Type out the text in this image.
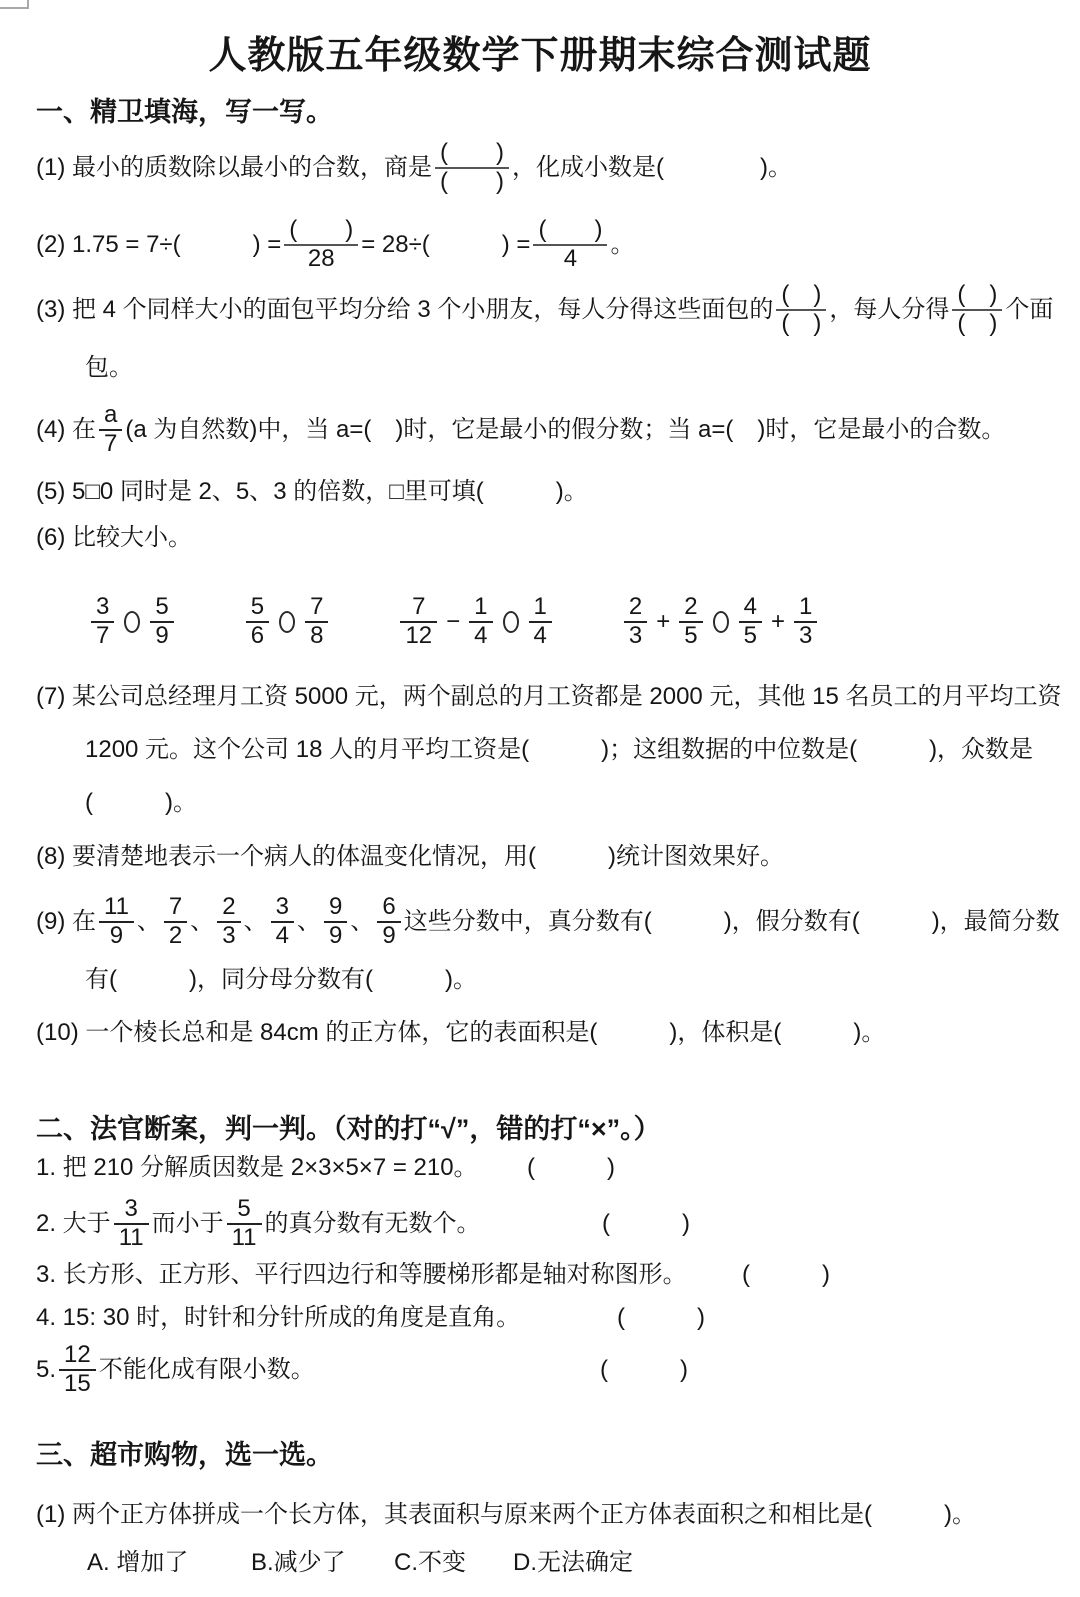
人教版五年级数学下册期末综合测试题
一、精卫填海，写一写。
(1) 最小的质数除以最小的合数，商是 $\frac{( )}{( )}$ ，化成小数是(　　　　)。
(2) 1.75 = 7÷(　　　) = $\frac{( )}{28} = 28\div$(　　　) = $\frac{( )}{4}$ 。
(3) 把 4 个同样大小的面包平均分给 3 个小朋友，每人分得这些面包的 $\frac{( )}{( )}$ ，每人分得 $\frac{( )}{( )}$ 个面
包。
(4) 在 $\frac{a}{7} (a$ 为自然数)中，当 a=(　)时，它是最小的假分数；当 a=(　)时，它是最小的合数。
(5) 5□0 同时是 2、5、3 的倍数，□里可填(　　　)。
(6) 比较大小。
$\frac{3}{7} \frac{5}{9}$	$\frac{5}{6} \frac{7}{8}$	$\frac{7}{12} - \frac{1}{4} \frac{1}{4}$	$\frac{2}{3} + \frac{2}{5} \frac{4}{5} + \frac{1}{3}$
(7) 某公司总经理月工资 5000 元，两个副总的月工资都是 2000 元，其他 15 名员工的月平均工资
1200 元。这个公司 18 人的月平均工资是(　　　)；这组数据的中位数是(　　　)，众数是
(　　　)。
(8) 要清楚地表示一个病人的体温变化情况，用(　　　)统计图效果好。
(9) 在 $\frac{11}{9}$ 、 $\frac{7}{2}$ 、 $\frac{2}{3}$ 、 $\frac{3}{4}$ 、 $\frac{9}{9}$ 、 $\frac{6}{9}$ 这些分数中，真分数有(　　　)，假分数有(　　　)，最简分数
有(　　　)，同分母分数有(　　　)。
(10) 一个棱长总和是 84cm 的正方体，它的表面积是(　　　)，体积是(　　　)。
二、法官断案，判一判。（对的打“√”，错的打“×”。）
1. 把 210 分解质因数是 2×3×5×7 = 210。 (　　　)
2. 大于 $\frac{3}{11}$ 而小于 $\frac{5}{11}$ 的真分数有无数个。	(　　　)
3. 长方形、正方形、平行四边行和等腰梯形都是轴对称图形。 (　　　)
4. 15: 30 时，时针和分针所成的角度是直角。	(　　　)
5. $\frac{12}{15}$ 不能化成有限小数。	(　　　)
三、超市购物，选一选。
(1) 两个正方体拼成一个长方体，其表面积与原来两个正方体表面积之和相比是(　　　)。
A. 增加了	B.减少了 C.不变 D.无法确定
